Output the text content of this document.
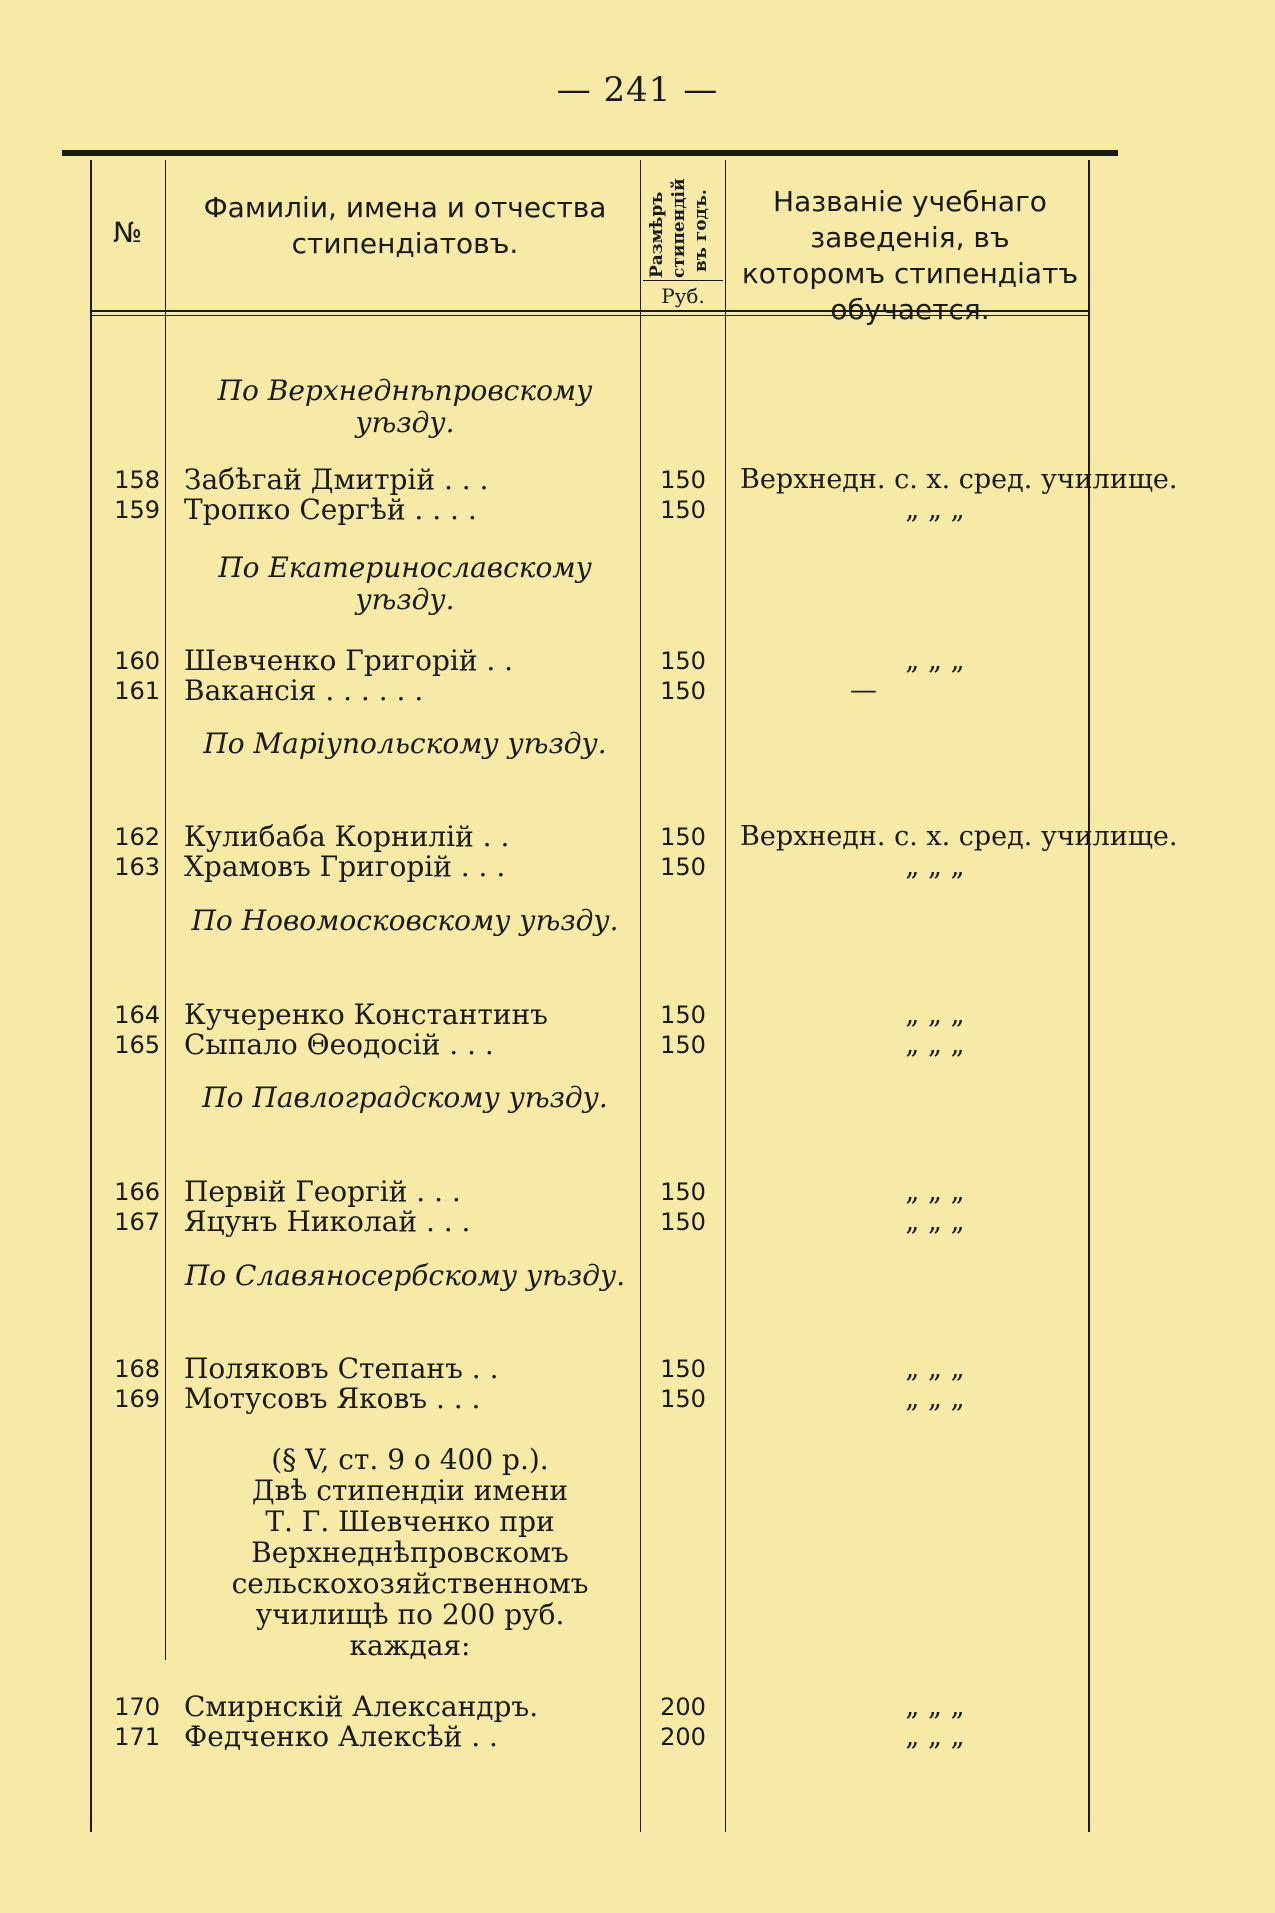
— 241 —
№
Фамиліи, имена и отчества стипендіатовъ.	Размѣръ стипендій въ годъ.
Руб.
Названіе учебнаго заведенія, въ которомъ стипендіатъ обучается.
По Верхнеднѣпровскому уѣзду.
158 Забѣгай Дмитрій . . .	150	Верхнедн. с. х. сред. училище.
159 Тропко Сергѣй . . . .	150	„ „ „
По Екатеринославскому уѣзду.
160 Шевченко Григорій . .	150	„ „ „
161 Вакансія . . . . . .	150	—
По Маріупольскому уѣзду.
162 Кулибаба Корнилій . .	150	Верхнедн. с. х. сред. училище.
163 Храмовъ Григорій . . .	150	„ „ „
По Новомосковскому уѣзду.
164 Кучеренко Константинъ	150	„ „ „
165 Сыпало Θеодосій . . .	150	„ „ „
По Павлоградскому уѣзду.
166 Первій Георгій . . .	150	„ „ „
167 Яцунъ Николай . . .	150	„ „ „
По Славяносербскому уѣзду.
168 Поляковъ Степанъ . .	150	„ „ „
169 Мотусовъ Яковъ . . .	150	„ „ „
(§ V, ст. 9 о 400 р.).
Двѣ стипендіи имени
Т. Г. Шевченко при
Верхнеднѣпровскомъ
сельскохозяйственномъ
училищѣ по 200 руб.
каждая:
170 Смирнскій Александръ.	200	„ „ „
171 Федченко Алексѣй . .	200	„ „ „
